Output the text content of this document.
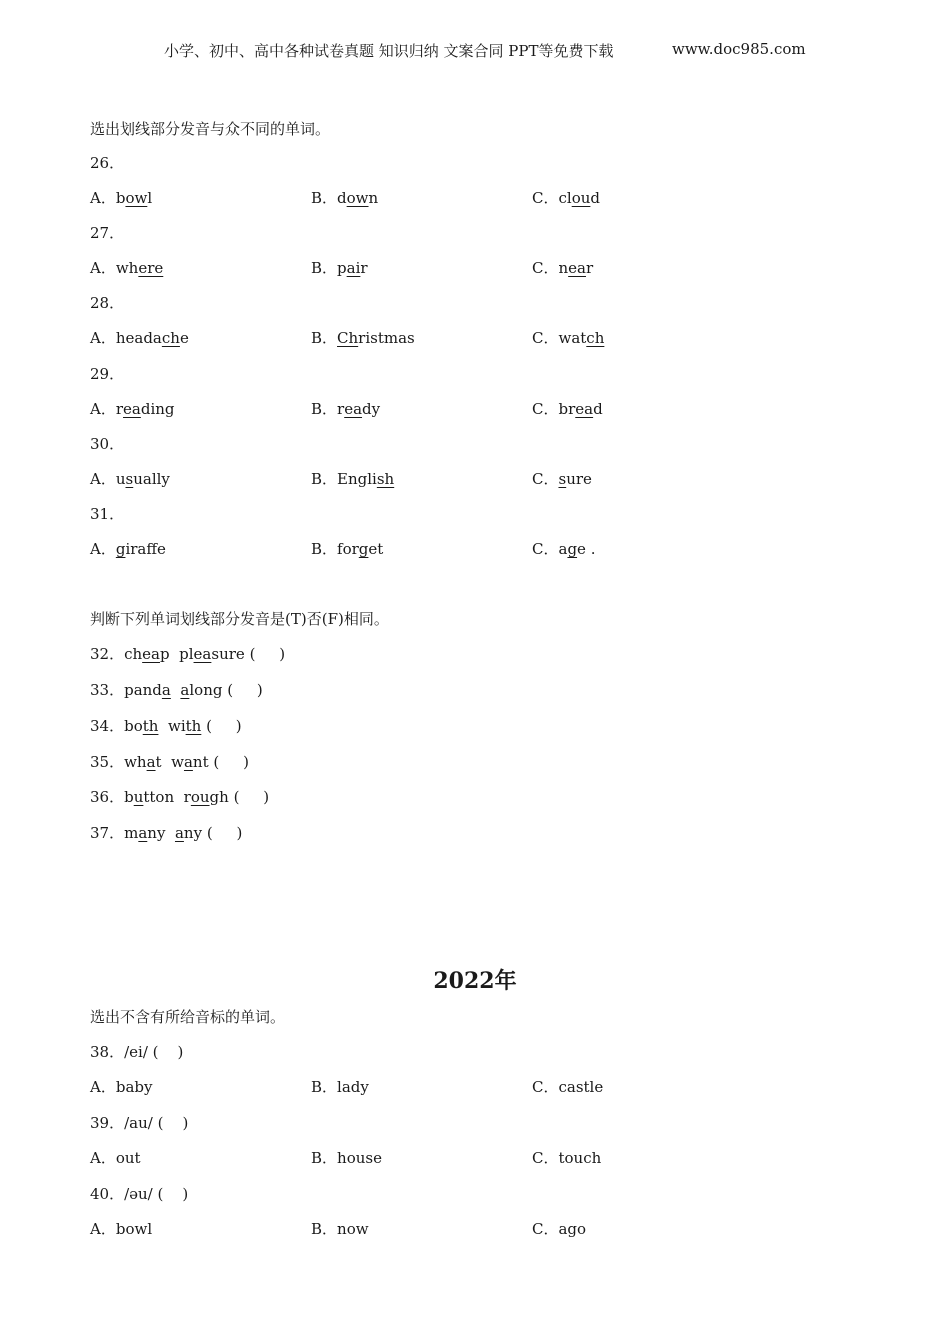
小学、初中、高中各种试卷真题 知识归纳 文案合同 PPT等免费下载	www.doc985.com
选出划线部分发音与众不同的单词。
26．
A．bowl	B．down	C．cloud
27．
A．where	B．pair	C．near
28．
A．headache	B．Christmas	C．watch
29．
A．reading	B．ready	C．bread
30．
A．usually	B．English	C．sure
31．
A．giraffe	B．forget	C．age .
判断下列单词划线部分发音是(T)否(F)相同。
32．cheap pleasure (     )
33．panda along (     )
34．both with (     )
35．what want (     )
36．button rough (     )
37．many any (     )
2022年
选出不含有所给音标的单词。
38．/ei/ (    )
A．baby	B．lady	C．castle
39．/au/ (    )
A．out	B．house	C．touch
40．/əu/ (    )
A．bowl	B．now	C．ago
